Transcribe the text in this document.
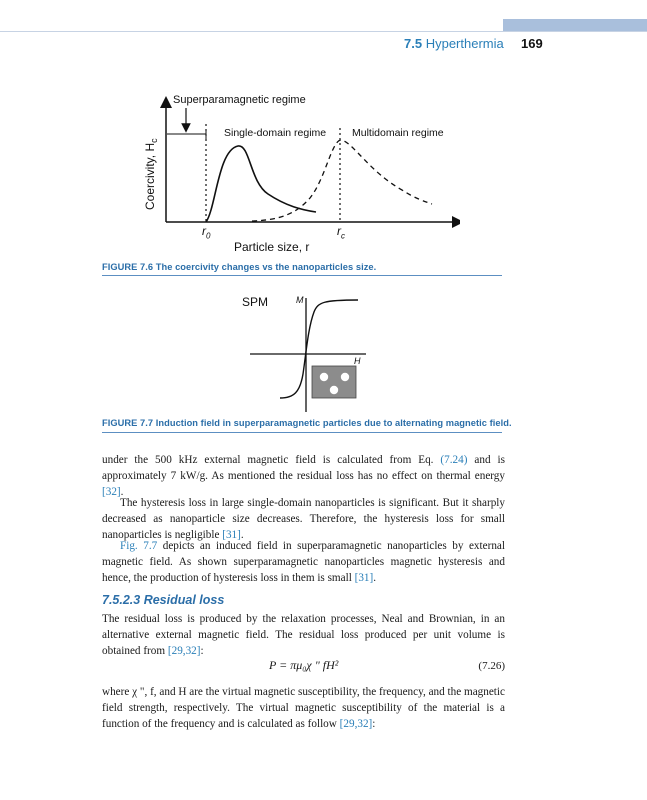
7.5 Hyperthermia 169
Superparamagnetic regime
Single-domain regime Multidomain regime
$r_0$	$r_c$
Particle size, r
Coercivity, $H_c$
FIGURE 7.6 The coercivity changes vs the nanoparticles size.
SPM	M
H
FIGURE 7.7 Induction field in superparamagnetic particles due to alternating magnetic field.
under the 500 kHz external magnetic field is calculated from Eq. (7.24) and is approximately 7 kW/g. As mentioned the residual loss has no effect on thermal energy [32].
The hysteresis loss in large single-domain nanoparticles is significant. But it sharply decreased as nanoparticle size decreases. Therefore, the hysteresis loss for small nanoparticles is negligible [31].
Fig. 7.7 depicts an induced field in superparamagnetic nanoparticles by external magnetic field. As shown superparamagnetic nanoparticles magnetic hysteresis and hence, the production of hysteresis loss in them is small [31].
7.5.2.3 Residual loss
The residual loss is produced by the relaxation processes, Neal and Brownian, in an alternative external magnetic field. The residual loss produced per unit volume is obtained from [29,32]:
P = πμ₀χ " fH²	(7.26)
where χ ", f, and H are the virtual magnetic susceptibility, the frequency, and the magnetic field strength, respectively. The virtual magnetic susceptibility of the material is a function of the frequency and is calculated as follow [29,32]:
